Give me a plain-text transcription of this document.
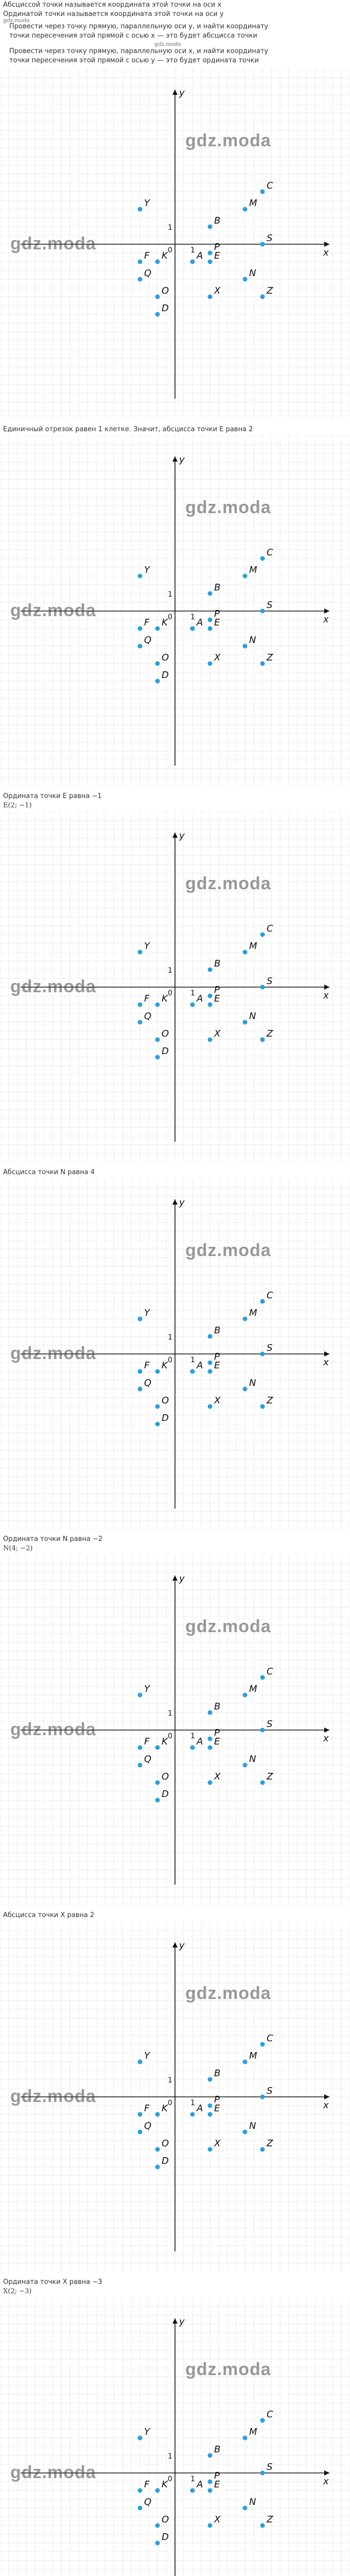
Абсциссой точки называется координата этой точки на оси x
Ординатой точки называется координата этой точки на оси y
gdz.moda
Провести через точку прямую, параллельную оси y, и найти координату
точки пересечения этой прямой с осью x — это будет абсцисса точки
gdz.moda
Провести через точку прямую, параллельную оси x, и найти координату
точки пересечения этой прямой с осью y — это будет ордината точки
x
y
0	1
1
M
C
B
Y
P
F	A
K	E
X
N
Z
S
O
Q
D
gdz.moda
gdz.moda
Единичный отрезок равен 1 клетке. Значит, абсцисса точки E равна 2
x
y
0	1
1
M
C
B
Y
P
F	A
K	E
X
N
Z
S
O
Q
D
gdz.moda
gdz.moda
Ордината точки E равна −1
E(2; −1)
x
y
0	1
1
M
C
B
Y
P
F	A
K	E
X
N
Z
S
O
Q
D
gdz.moda
gdz.moda
Абсцисса точки N равна 4
x
y
0	1
1
M
C
B
Y
P
F	A
K	E
X
N
Z
S
O
Q
D
gdz.moda
gdz.moda
Ордината точки N равна −2
N(4; −2)
x
y
0	1
1
M
C
B
Y
P
F	A
K	E
X
N
Z
S
O
Q
D
gdz.moda
gdz.moda
Абсцисса точки X равна 2
x
y
0	1
1
M
C
B
Y
P
F	A
K	E
X
N
Z
S
O
Q
D
gdz.moda
gdz.moda
Ордината точки X равна −3
X(2; −3)
x
y
0	1
1
M
C
B
Y
P
F	A
K	E
X
N
Z
S
O
Q
D
gdz.moda
gdz.moda
